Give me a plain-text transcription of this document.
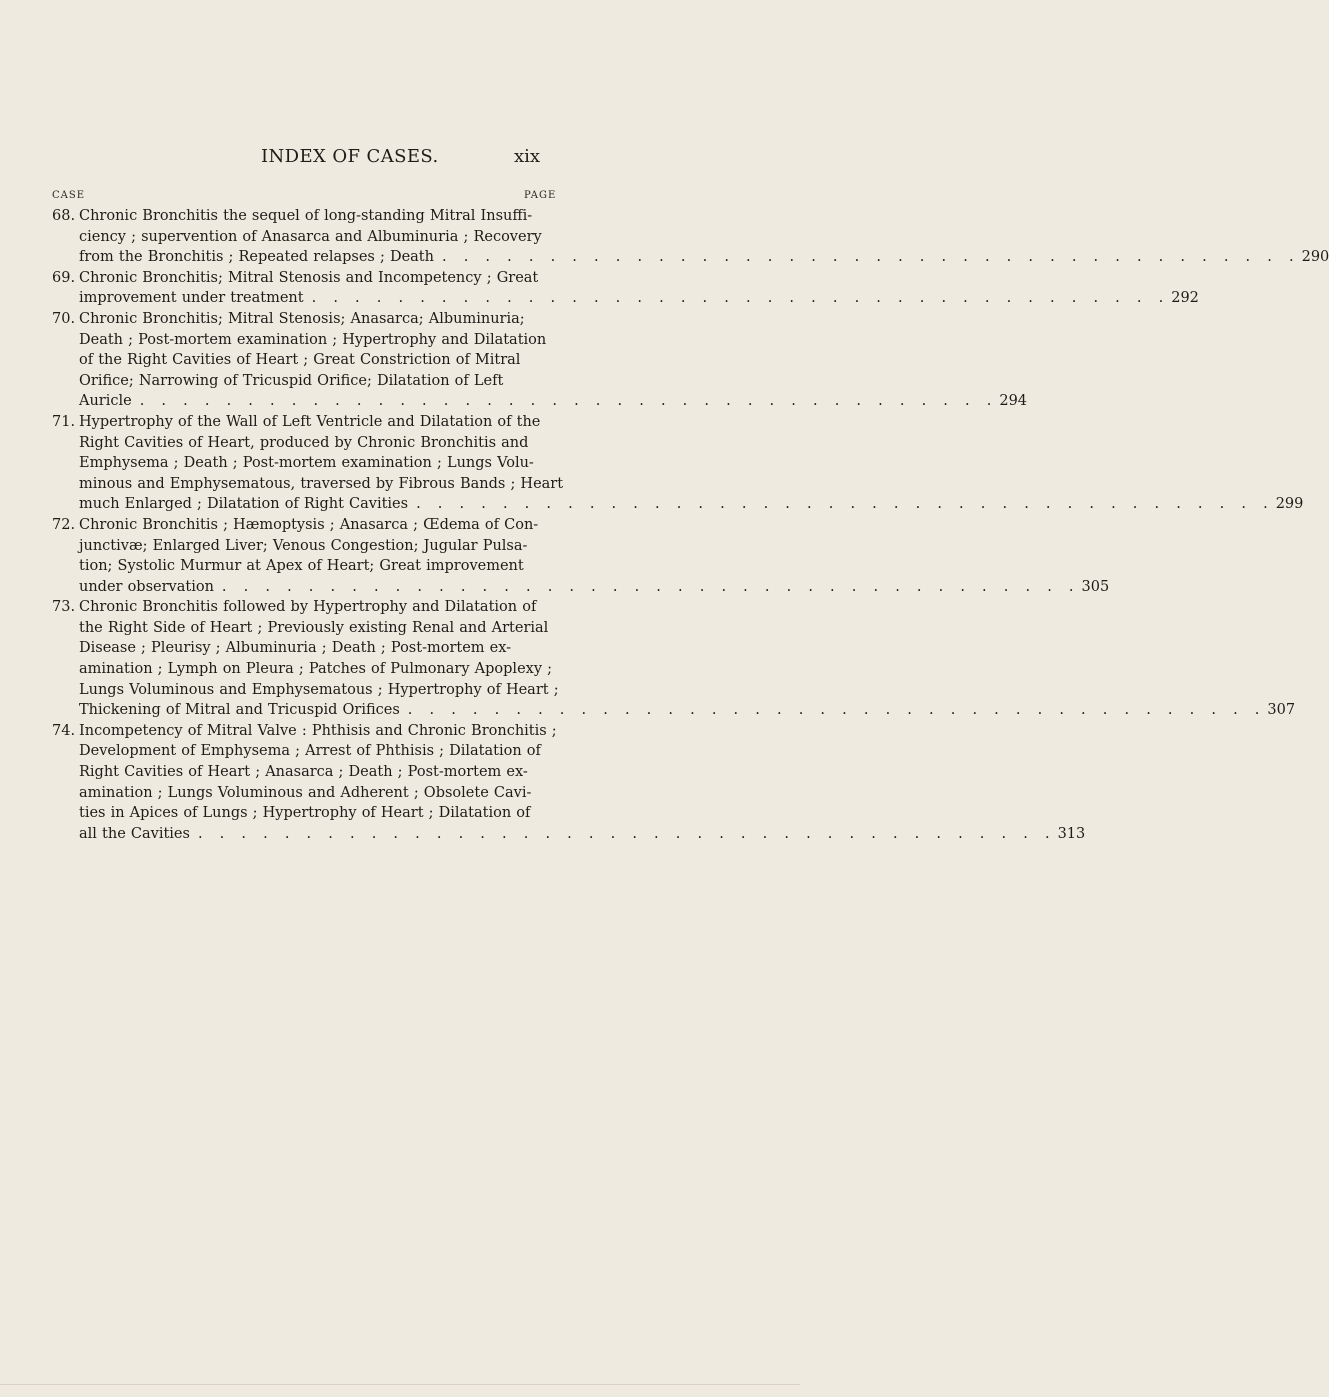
INDEX OF CASES.	xix
CASE	PAGE
68. Chronic Bronchitis the sequel of long-standing Mitral Insuffi-
ciency ; supervention of Anasarca and Albuminuria ; Recovery
from the Bronchitis ; Repeated relapses ; Death . . . . . . . . . . . . . . . . . . . . . . . . . . . . . . . . . . . . . . . . 290
69. Chronic Bronchitis; Mitral Stenosis and Incompetency ; Great
improvement under treatment . . . . . . . . . . . . . . . . . . . . . . . . . . . . . . . . . . . . . . . . 292
70. Chronic Bronchitis; Mitral Stenosis; Anasarca; Albuminuria;
Death ; Post-mortem examination ; Hypertrophy and Dilatation
of the Right Cavities of Heart ; Great Constriction of Mitral
Orifice; Narrowing of Tricuspid Orifice; Dilatation of Left
Auricle . . . . . . . . . . . . . . . . . . . . . . . . . . . . . . . . . . . . . . . . 294
71. Hypertrophy of the Wall of Left Ventricle and Dilatation of the
Right Cavities of Heart, produced by Chronic Bronchitis and
Emphysema ; Death ; Post-mortem examination ; Lungs Volu-
minous and Emphysematous, traversed by Fibrous Bands ; Heart
much Enlarged ; Dilatation of Right Cavities . . . . . . . . . . . . . . . . . . . . . . . . . . . . . . . . . . . . . . . . 299
72. Chronic Bronchitis ; Hæmoptysis ; Anasarca ; Œdema of Con-
junctivæ; Enlarged Liver; Venous Congestion; Jugular Pulsa-
tion; Systolic Murmur at Apex of Heart; Great improvement
under observation . . . . . . . . . . . . . . . . . . . . . . . . . . . . . . . . . . . . . . . . 305
73. Chronic Bronchitis followed by Hypertrophy and Dilatation of
the Right Side of Heart ; Previously existing Renal and Arterial
Disease ; Pleurisy ; Albuminuria ; Death ; Post-mortem ex-
amination ; Lymph on Pleura ; Patches of Pulmonary Apoplexy ;
Lungs Voluminous and Emphysematous ; Hypertrophy of Heart ;
Thickening of Mitral and Tricuspid Orifices . . . . . . . . . . . . . . . . . . . . . . . . . . . . . . . . . . . . . . . . 307
74. Incompetency of Mitral Valve : Phthisis and Chronic Bronchitis ;
Development of Emphysema ; Arrest of Phthisis ; Dilatation of
Right Cavities of Heart ; Anasarca ; Death ; Post-mortem ex-
amination ; Lungs Voluminous and Adherent ; Obsolete Cavi-
ties in Apices of Lungs ; Hypertrophy of Heart ; Dilatation of
all the Cavities . . . . . . . . . . . . . . . . . . . . . . . . . . . . . . . . . . . . . . . . 313
